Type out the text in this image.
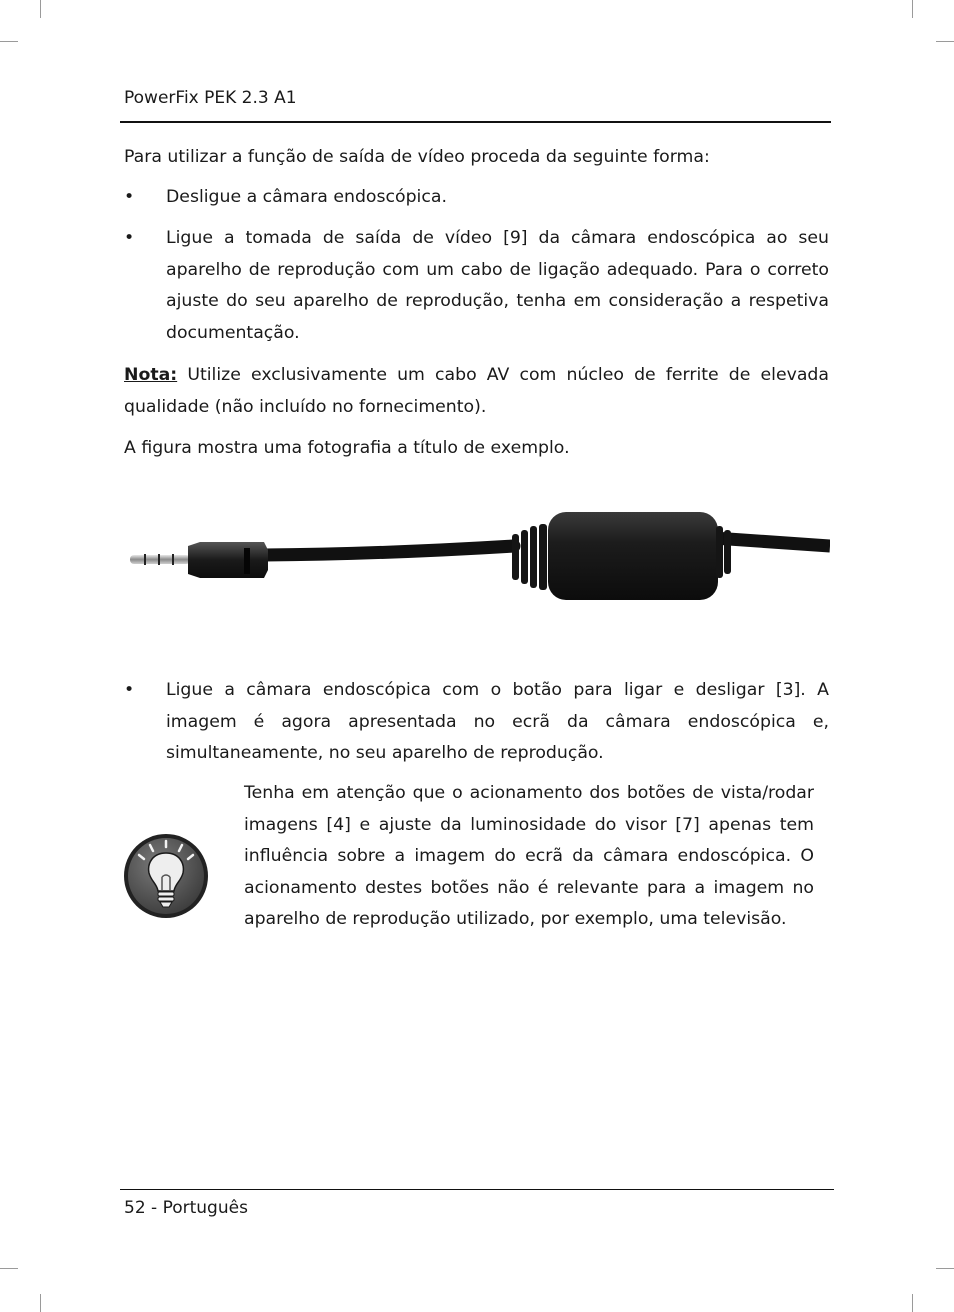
PowerFix PEK 2.3 A1

Para utilizar a função de saída de vídeo proceda da seguinte forma:

•	Desligue a câmara endoscópica.
•	Ligue a tomada de saída de vídeo [9] da câmara endoscópica ao seu aparelho de reprodução com um cabo de ligação adequado. Para o correto ajuste do seu aparelho de reprodução, tenha em consideração a respetiva documentação.

Nota: Utilize exclusivamente um cabo AV com núcleo de ferrite de elevada qualidade (não incluído no fornecimento).

A figura mostra uma fotografia a título de exemplo.

•	Ligue a câmara endoscópica com o botão para ligar e desligar [3]. A imagem é agora apresentada no ecrã da câmara endoscópica e, simultaneamente, no seu aparelho de reprodução.

Tenha em atenção que o acionamento dos botões de vista/rodar imagens [4] e ajuste da luminosidade do visor [7] apenas tem influência sobre a imagem do ecrã da câmara endoscópica. O acionamento destes botões não é relevante para a imagem no aparelho de reprodução utilizado, por exemplo, uma televisão.

52 - Português
